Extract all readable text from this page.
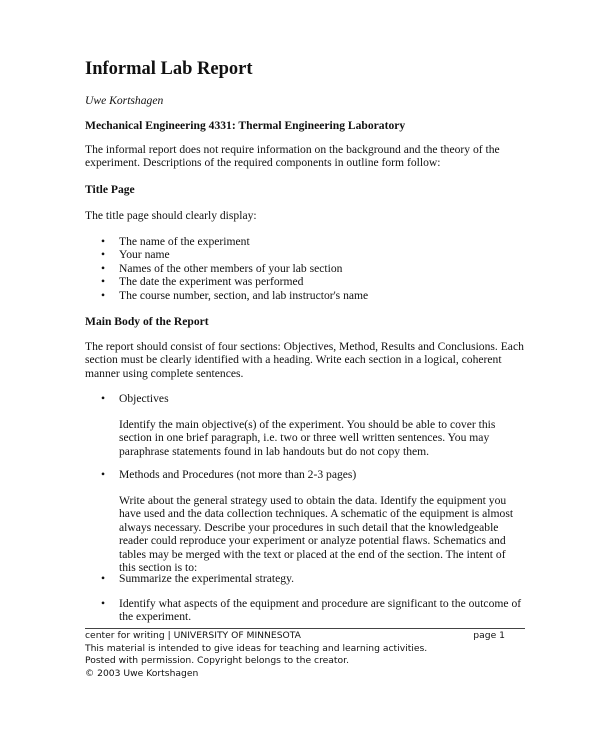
Informal Lab Report

Uwe Kortshagen

Mechanical Engineering 4331: Thermal Engineering Laboratory

The informal report does not require information on the background and the theory of the experiment. Descriptions of the required components in outline form follow:

Title Page

The title page should clearly display:

• The name of the experiment
• Your name
• Names of the other members of your lab section
• The date the experiment was performed
• The course number, section, and lab instructor's name

Main Body of the Report

The report should consist of four sections: Objectives, Method, Results and Conclusions. Each section must be clearly identified with a heading. Write each section in a logical, coherent manner using complete sentences.

• Objectives

Identify the main objective(s) of the experiment. You should be able to cover this section in one brief paragraph, i.e. two or three well written sentences. You may paraphrase statements found in lab handouts but do not copy them.

• Methods and Procedures (not more than 2-3 pages)

Write about the general strategy used to obtain the data. Identify the equipment you have used and the data collection techniques. A schematic of the equipment is almost always necessary. Describe your procedures in such detail that the knowledgeable reader could reproduce your experiment or analyze potential flaws. Schematics and tables may be merged with the text or placed at the end of the section. The intent of this section is to:

• Summarize the experimental strategy.

• Identify what aspects of the equipment and procedure are significant to the outcome of the experiment.

center for writing | UNIVERSITY OF MINNESOTA	page 1
This material is intended to give ideas for teaching and learning activities.
Posted with permission. Copyright belongs to the creator.
© 2003 Uwe Kortshagen
